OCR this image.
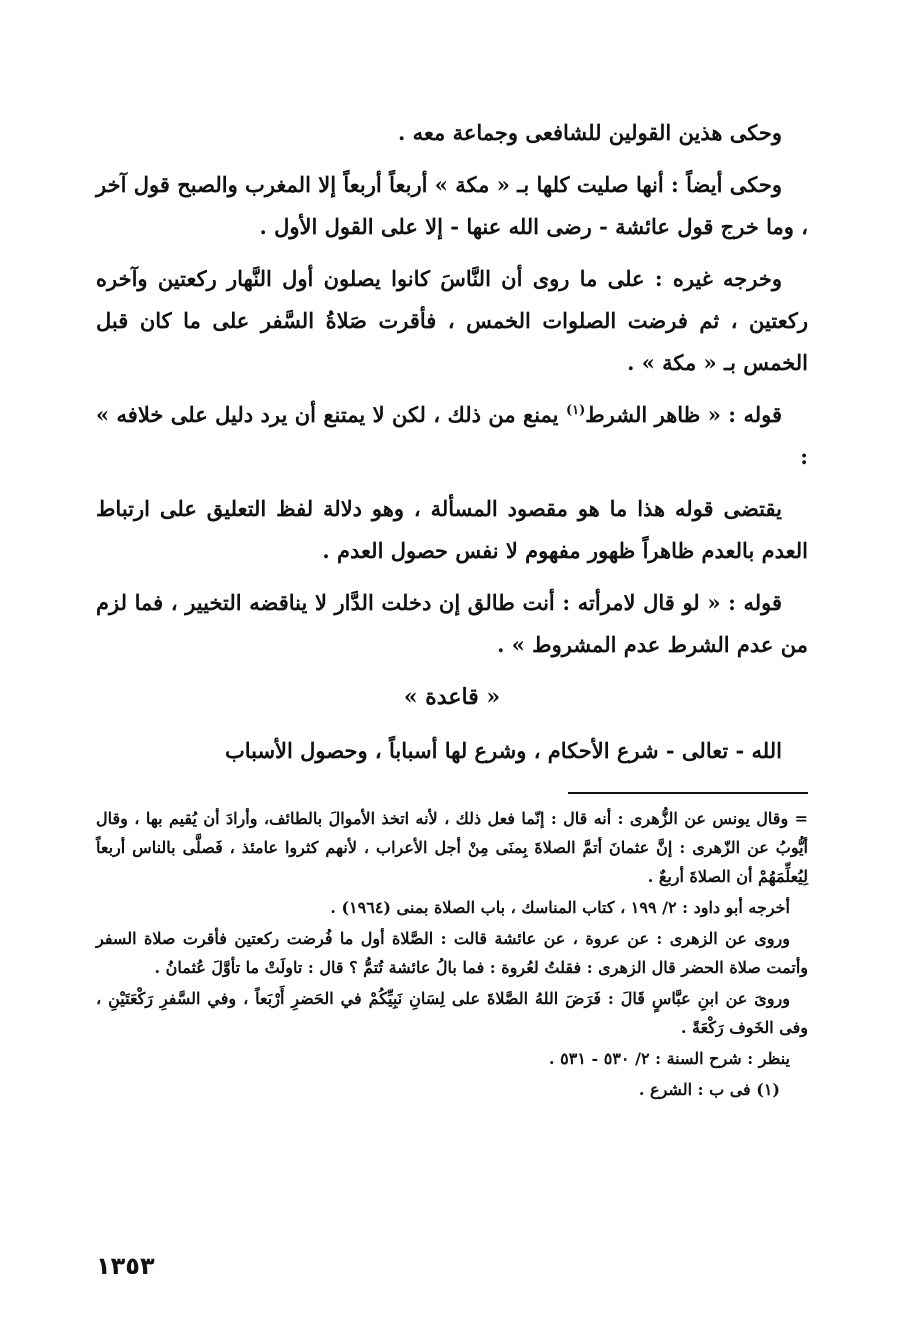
وحكى هذين القولين للشافعى وجماعة معه .

وحكى أيضاً : أنها صليت كلها بـ « مكة » أربعاً أربعاً إلا المغرب والصبح قول آخر ، وما خرج قول عائشة - رضى الله عنها - إلا على القول الأول .

وخرجه غيره : على ما روى أن النَّاسَ كانوا يصلون أول النَّهار ركعتين وآخره ركعتين ، ثم فرضت الصلوات الخمس ، فأقرت صَلاةُ السَّفر على ما كان قبل الخمس بـ « مكة » .

قوله : « ظاهر الشرط$^{(١)}$ يمنع من ذلك ، لكن لا يمتنع أن يرد دليل على خلافه » :

يقتضى قوله هذا ما هو مقصود المسألة ، وهو دلالة لفظ التعليق على ارتباط العدم بالعدم ظاهراً ظهور مفهوم لا نفس حصول العدم .

قوله : « لو قال لامرأته : أنت طالق إن دخلت الدَّار لا يناقضه التخيير ، فما لزم من عدم الشرط عدم المشروط » .

« قاعدة »

الله - تعالى - شرع الأحكام ، وشرع لها أسباباً ، وحصول الأسباب

= وقال يونس عن الزُّهرى : أنه قال : إنّما فعل ذلك ، لأنه اتخذ الأموالَ بالطائف، وأرادَ أن يُقيم بها ، وقال أيُّوبُ عن الزّهرى : إنَّ عثمانَ أتمَّ الصلاةَ بِمنَى مِنْ أجل الأعراب ، لأنهم كثروا عامئذ ، فَصلَّى بالناس أربعاً لِيُعلِّمَهُمْ أن الصلاةَ أربعٌ .

أخرجه أبو داود : ٢/ ١٩٩ ، كتاب المناسك ، باب الصلاة بمنى (١٩٦٤) .

وروى عن الزهرى : عن عروة ، عن عائشة قالت : الصَّلاة أول ما فُرضت ركعتين فأقرت صلاة السفر وأتمت صلاة الحضر قال الزهرى : فقلتُ لعُروة : فما بالُ عائشة تُتمُّ ؟ قال : تاولَتْ ما تأوَّلَ عُثمانُ .

وروىَ عن ابنِ عبَّاسٍ قَالَ : فَرَضَ اللهُ الصَّلاةَ على لِسَانِ نَبِيِّكُمْ في الحَضرِ أَرْبَعاً ، وفي السَّفرِ رَكْعَتَيْنِ ، وفى الخَوف رَكْعَةً .

ينظر : شرح السنة : ٢/ ٥٣٠ - ٥٣١ .

(١) فى ب : الشرع .

١٣٥٣
